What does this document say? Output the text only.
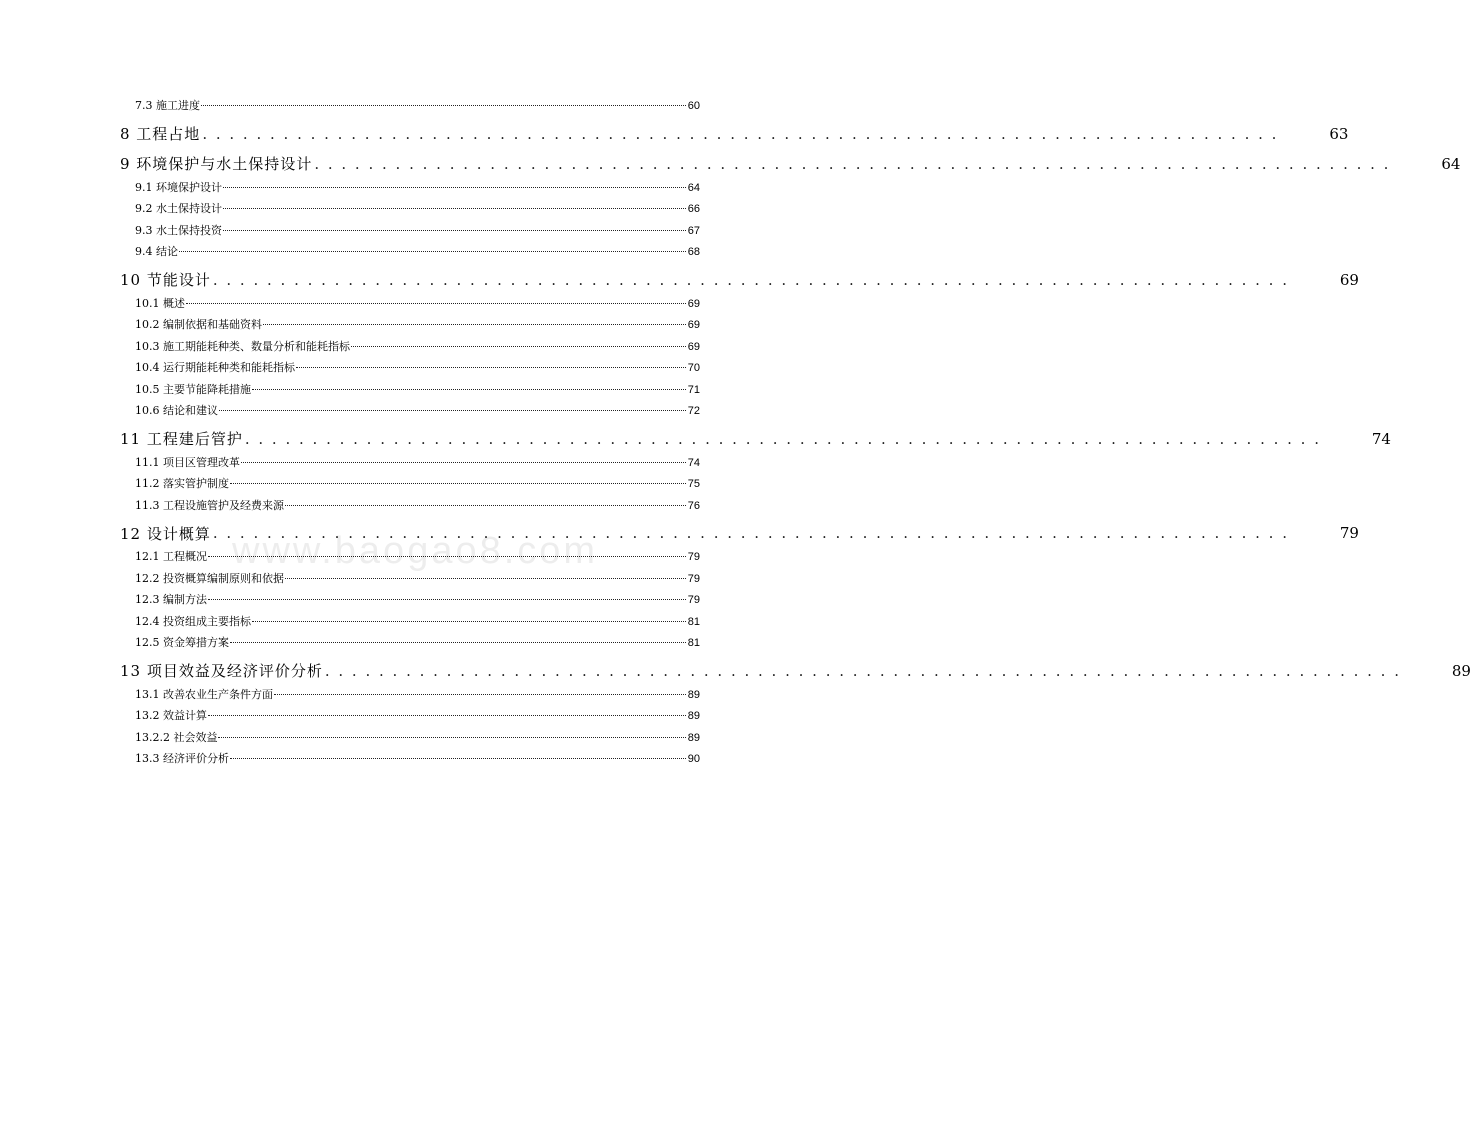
7.3 施工进度	60
8 工程占地 . . . . . . . . . . . . . . . . . . . . . . . . . . . . . . . . . . . . . . . . . . . . . . . . . . . . . . . . . . . . . . . . . . . . . . . . . . . . . . . .	63
9 环境保护与水土保持设计 . . . . . . . . . . . . . . . . . . . . . . . . . . . . . . . . . . . . . . . . . . . . . . . . . . . . . . . . . . . . . . . . . . . . . . . . . . . . . . . .	64
9.1 环境保护设计	64
9.2 水土保持设计	66
9.3 水土保持投资	67
9.4 结论	68
10 节能设计 . . . . . . . . . . . . . . . . . . . . . . . . . . . . . . . . . . . . . . . . . . . . . . . . . . . . . . . . . . . . . . . . . . . . . . . . . . . . . . . .	69
10.1 概述	69
10.2 编制依据和基础资料	69
10.3 施工期能耗种类、数量分析和能耗指标	69
10.4 运行期能耗种类和能耗指标	70
10.5 主要节能降耗措施	71
10.6 结论和建议	72
11 工程建后管护 . . . . . . . . . . . . . . . . . . . . . . . . . . . . . . . . . . . . . . . . . . . . . . . . . . . . . . . . . . . . . . . . . . . . . . . . . . . . . . . .	74
11.1 项目区管理改革	74
11.2 落实管护制度	75
11.3 工程设施管护及经费来源	76
12 设计概算 . . . . . . . . . . . . . . . . . . . . . . . . . . . . . . . . . . . . . . . . . . . . . . . . . . . . . . . . . . . . . . . . . . . . . . . . . . . . . . . .	79
12.1 工程概况	79
12.2 投资概算编制原则和依据	79
12.3 编制方法	79
12.4 投资组成主要指标	81
12.5 资金筹措方案	81
13 项目效益及经济评价分析 . . . . . . . . . . . . . . . . . . . . . . . . . . . . . . . . . . . . . . . . . . . . . . . . . . . . . . . . . . . . . . . . . . . . . . . . . . . . . . . .	89
13.1 改善农业生产条件方面	89
13.2 效益计算	89
13.2.2 社会效益	89
13.3 经济评价分析	90
www.baogao8.com
